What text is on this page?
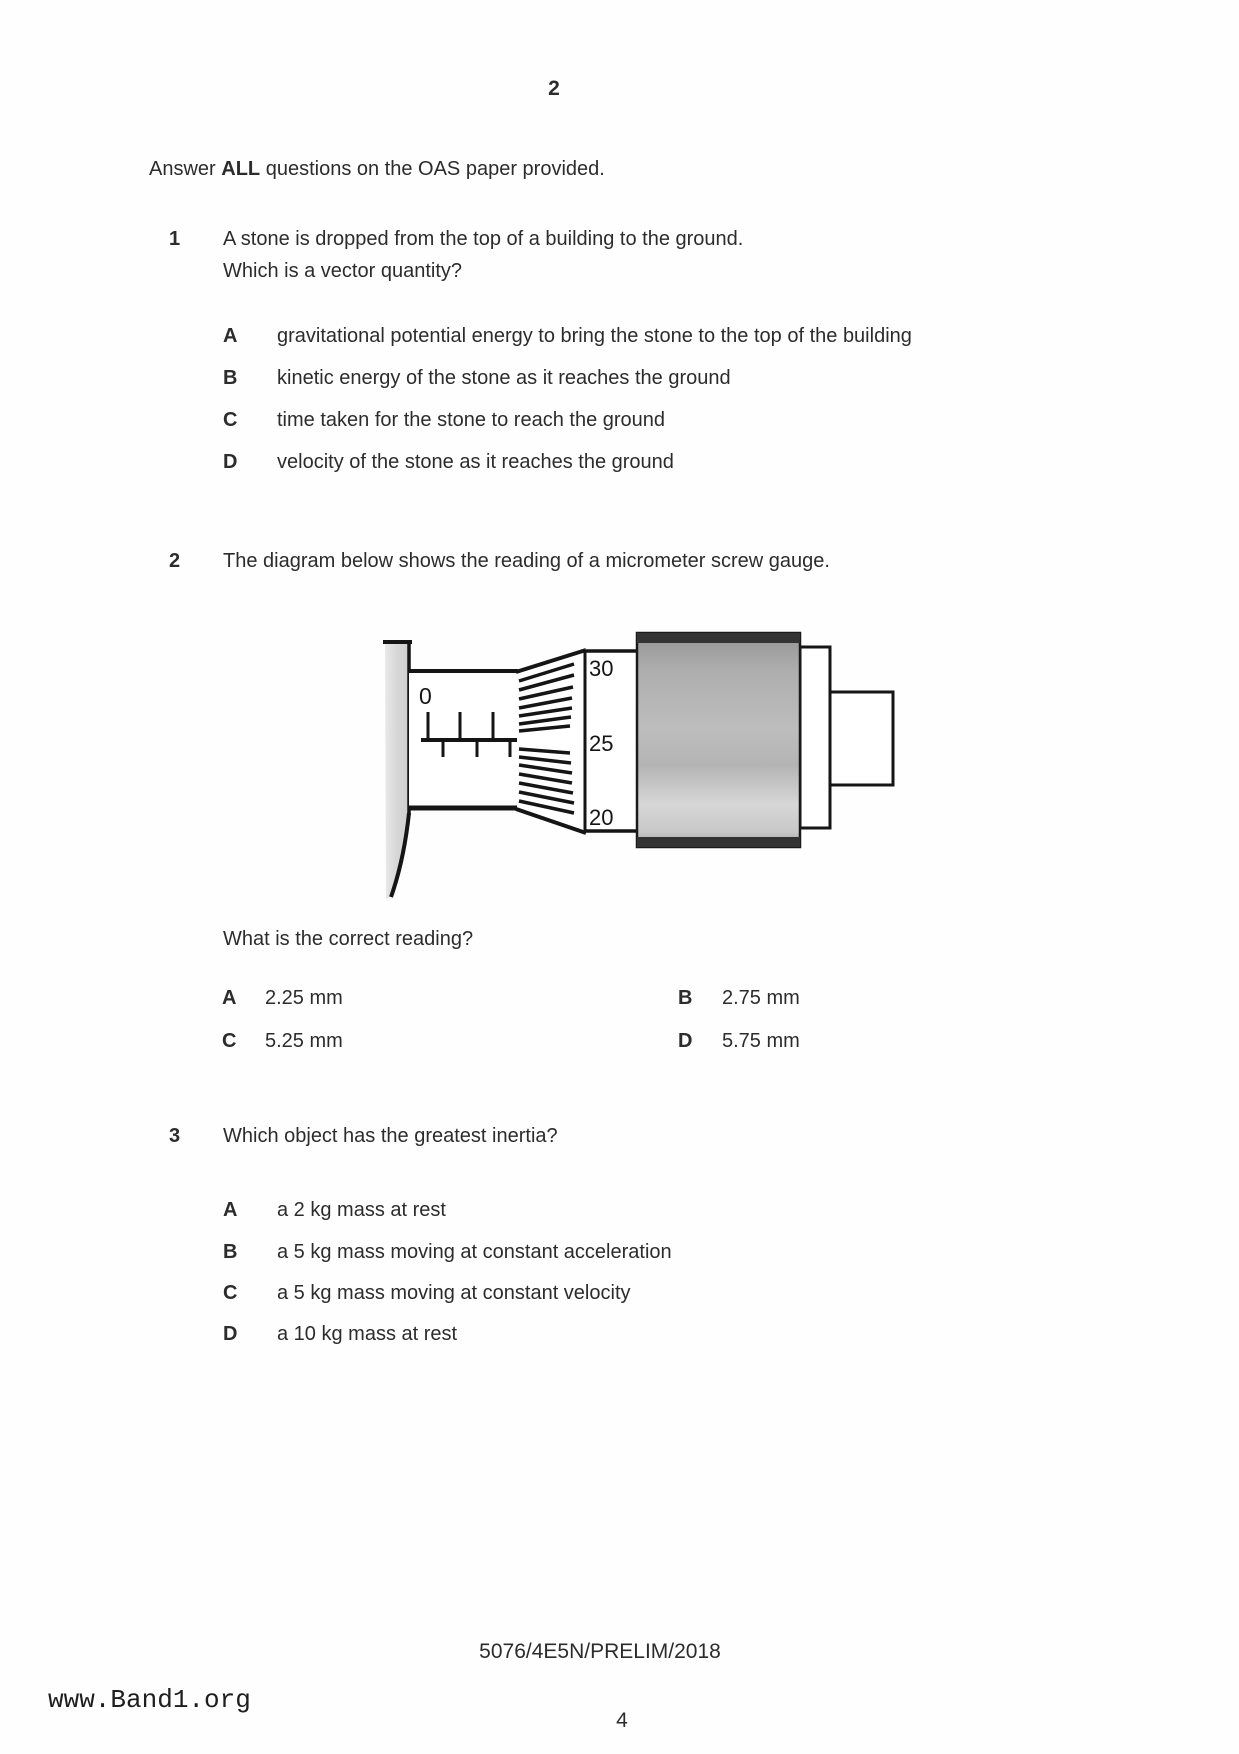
2
Answer ALL questions on the OAS paper provided.
1 A stone is dropped from the top of a building to the ground.
Which is a vector quantity?
A gravitational potential energy to bring the stone to the top of the building
B kinetic energy of the stone as it reaches the ground
C time taken for the stone to reach the ground
D velocity of the stone as it reaches the ground
2 The diagram below shows the reading of a micrometer screw gauge.
0
30
25
20
What is the correct reading?
A 2.25 mm	B 2.75 mm
C 5.25 mm	D 5.75 mm
3 Which object has the greatest inertia?
A a 2 kg mass at rest
B a 5 kg mass moving at constant acceleration
C a 5 kg mass moving at constant velocity
D a 10 kg mass at rest
5076/4E5N/PRELIM/2018
www.Band1.org
4
